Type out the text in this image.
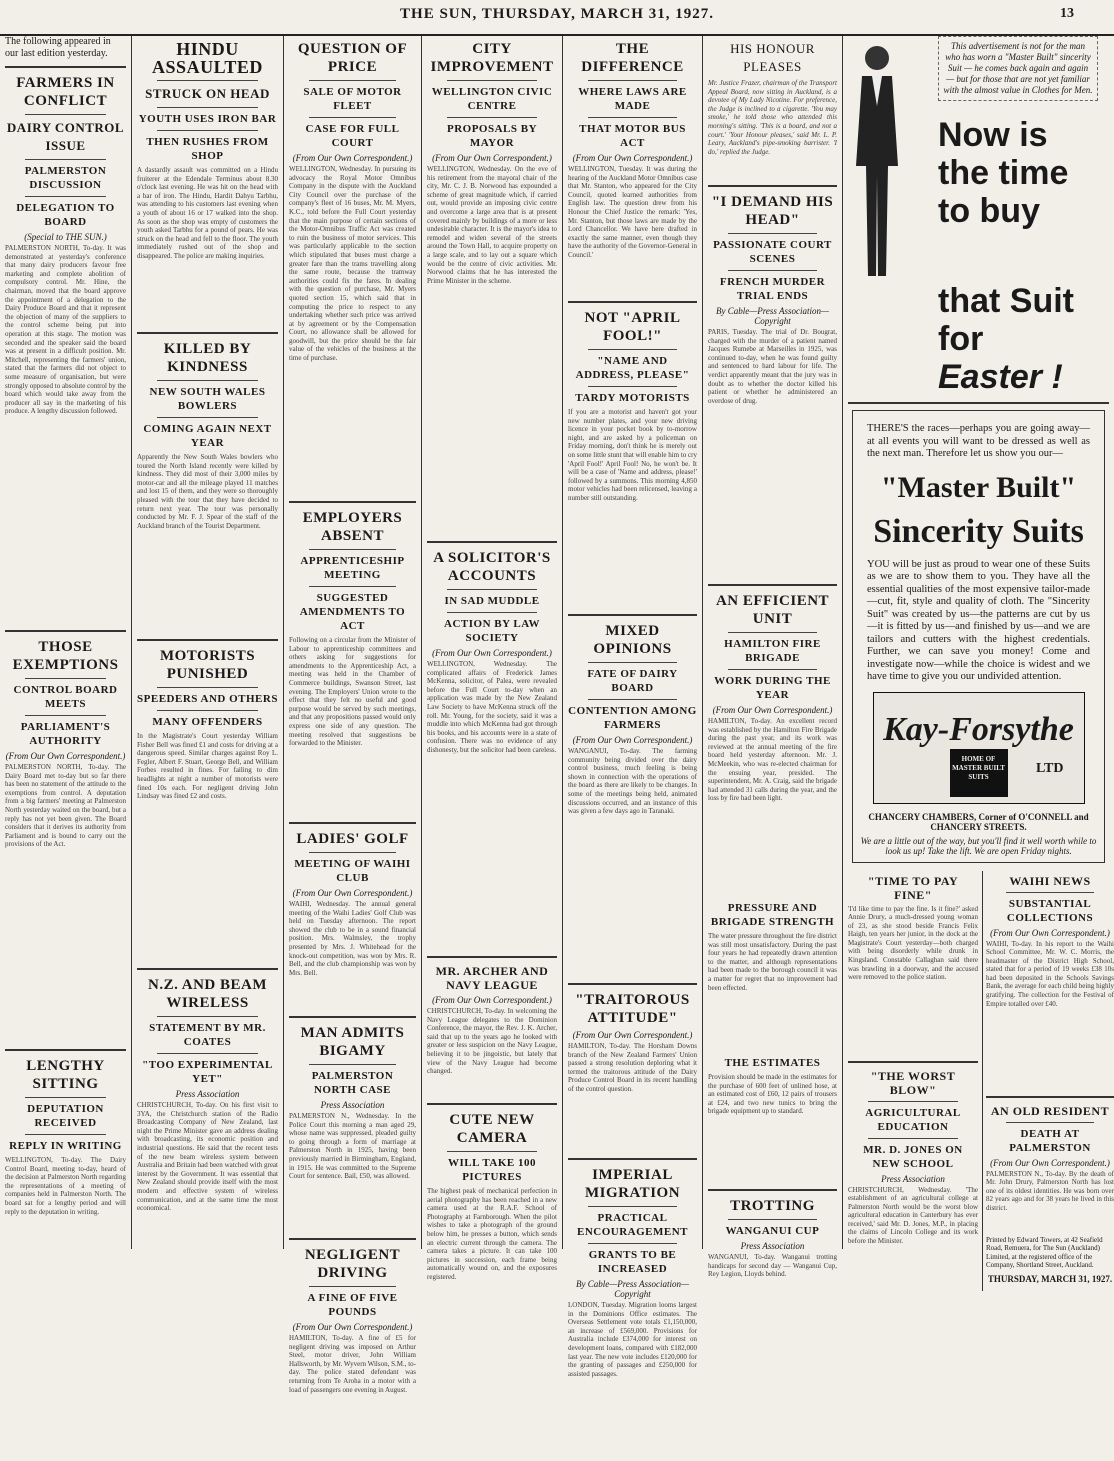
THE SUN, THURSDAY, MARCH 31, 1927.	13
The following appeared in our last edition yesterday.
FARMERS IN CONFLICT
DAIRY CONTROL ISSUE
PALMERSTON DISCUSSION
DELEGATION TO BOARD
(Special to THE SUN.)
PALMERSTON NORTH, To-day. It was demonstrated at yesterday's conference that many dairy producers favour free marketing and complete abolition of compulsory control. Mr. Hine, the chairman, moved that the board approve the appointment of a delegation to the Dairy Produce Board and that it represent the objection of many of the suppliers to the control scheme being put into operation at this stage. The motion was seconded and the speaker said the board was at present in a difficult position. Mr. Mitchell, representing the farmers' union, stated that the farmers did not object to some measure of organisation, but were strongly opposed to absolute control by the board which would take away from the producer all say in the marketing of his produce. A lengthy discussion followed.
THOSE EXEMPTIONS
CONTROL BOARD MEETS
PARLIAMENT'S AUTHORITY
(From Our Own Correspondent.)
PALMERSTON NORTH, To-day. The Dairy Board met to-day but so far there has been no statement of the attitude to the exemptions from control. A deputation from a big farmers' meeting at Palmerston North yesterday waited on the board, but a reply has not yet been given. The Board considers that it derives its authority from Parliament and is bound to carry out the provisions of the Act.
LENGTHY SITTING
DEPUTATION RECEIVED
REPLY IN WRITING
WELLINGTON, To-day. The Dairy Control Board, meeting to-day, heard of the decision at Palmerston North regarding the representations of a meeting of companies held in Palmerston North. The board sat for a lengthy period and will reply to the deputation in writing.
HINDU ASSAULTED
STRUCK ON HEAD
YOUTH USES IRON BAR
THEN RUSHES FROM SHOP
A dastardly assault was committed on a Hindu fruiterer at the Edendale Terminus about 8.30 o'clock last evening. He was hit on the head with a bar of iron. The Hindu, Hardit Dahyu Tarbhu, was attending to his customers last evening when a youth of about 16 or 17 walked into the shop. As soon as the shop was empty of customers the youth asked Tarbhu for a pound of pears. He was struck on the head and fell to the floor. The youth immediately rushed out of the shop and disappeared. The police are making inquiries.
KILLED BY KINDNESS
NEW SOUTH WALES BOWLERS
COMING AGAIN NEXT YEAR
Apparently the New South Wales bowlers who toured the North Island recently were killed by kindness. They did most of their 3,000 miles by motor-car and all the mileage played 11 matches and lost 15 of them, and they were so thoroughly pleased with the tour that they have decided to return next year. The tour was personally conducted by Mr. F. J. Spear of the staff of the Auckland branch of the Tourist Department.
MOTORISTS PUNISHED
SPEEDERS AND OTHERS
MANY OFFENDERS
In the Magistrate's Court yesterday William Fisher Bell was fined £1 and costs for driving at a dangerous speed. Similar charges against Roy L. Fegler, Albert F. Stuart, George Bell, and William Forbes resulted in fines. For failing to dim headlights at night a number of motorists were fined 10s each. For negligent driving John Lindsay was fined £2 and costs.
N.Z. AND BEAM WIRELESS
STATEMENT BY MR. COATES
"TOO EXPERIMENTAL YET"
Press Association
CHRISTCHURCH, To-day. On his first visit to 3YA, the Christchurch station of the Radio Broadcasting Company of New Zealand, last night the Prime Minister gave an address dealing with broadcasting, its economic position and industrial questions. He said that the recent tests of the new beam wireless system between Australia and Britain had been watched with great interest by the Government. It was essential that New Zealand should provide itself with the most modern and effective system of wireless communication, and at the same time the most economical.
QUESTION OF PRICE
SALE OF MOTOR FLEET
CASE FOR FULL COURT
(From Our Own Correspondent.)
WELLINGTON, Wednesday. In pursuing its advocacy the Royal Motor Omnibus Company in the dispute with the Auckland City Council over the purchase of the company's fleet of 16 buses, Mr. M. Myers, K.C., told before the Full Court yesterday that the main purpose of certain sections of the Motor-Omnibus Traffic Act was created to ruin the business of motor services. This was particularly applicable to the section which stipulated that buses must charge a greater fare than the trams travelling along the same route, because the tramway authorities could fix the fares. In dealing with the question of purchase, Mr. Myers quoted section 15, which said that in computing the price to respect to any undertaking whether such price was arrived at by agreement or by the Compensation Court, no allowance shall be allowed for goodwill, but the price should be the fair value of the vehicles of the business at the time of purchase.
EMPLOYERS ABSENT
APPRENTICESHIP MEETING
SUGGESTED AMENDMENTS TO ACT
Following on a circular from the Minister of Labour to apprenticeship committees and others asking for suggestions for amendments to the Apprenticeship Act, a meeting was held in the Chamber of Commerce buildings, Swanson Street, last evening. The Employers' Union wrote to the effect that they felt no useful and good purpose would be served by such meetings, and that any propositions passed would only express one side of any question. The meeting resolved that suggestions be forwarded to the Minister.
LADIES' GOLF
MEETING OF WAIHI CLUB
(From Our Own Correspondent.)
WAIHI, Wednesday. The annual general meeting of the Waihi Ladies' Golf Club was held on Tuesday afternoon. The report showed the club to be in a sound financial position. Mrs. Walmsley, the trophy presented by Mrs. J. Whitehead for the knock-out competition, was won by Mrs. R. Bell, and the club championship was won by Mrs. Bell.
MAN ADMITS BIGAMY
PALMERSTON NORTH CASE
Press Association
PALMERSTON N., Wednesday. In the Police Court this morning a man aged 29, whose name was suppressed, pleaded guilty to going through a form of marriage at Palmerston North in 1925, having been previously married in Birmingham, England, in 1915. He was committed to the Supreme Court for sentence. Bail, £50, was allowed.
NEGLIGENT DRIVING
A FINE OF FIVE POUNDS
(From Our Own Correspondent.)
HAMILTON, To-day. A fine of £5 for negligent driving was imposed on Arthur Steel, motor driver, John William Hallsworth, by Mr. Wyvern Wilson, S.M., to-day. The police stated defendant was returning from Te Aroha in a motor with a load of passengers one evening in August.
CITY IMPROVEMENT
WELLINGTON CIVIC CENTRE
PROPOSALS BY MAYOR
(From Our Own Correspondent.)
WELLINGTON, Wednesday. On the eve of his retirement from the mayoral chair of the city, Mr. C. J. B. Norwood has expounded a scheme of great magnitude which, if carried out, would provide an imposing civic centre and overcome a large area that is at present covered mainly by buildings of a more or less undesirable character. It is the mayor's idea to remodel and widen several of the streets around the Town Hall, to acquire property on a large scale, and to lay out a square which would be the centre of civic activities. Mr. Norwood claims that he has interested the Prime Minister in the scheme.
A SOLICITOR'S ACCOUNTS
IN SAD MUDDLE
ACTION BY LAW SOCIETY
(From Our Own Correspondent.)
WELLINGTON, Wednesday. The complicated affairs of Frederick James McKenna, solicitor, of Palea, were revealed before the Full Court to-day when an application was made by the New Zealand Law Society to have McKenna struck off the roll. Mr. Young, for the society, said it was a muddle into which McKenna had got through his books, and his accounts were in a state of confusion. There was no evidence of any dishonesty, but the solicitor had been careless.
MR. ARCHER AND NAVY LEAGUE
(From Our Own Correspondent.)
CHRISTCHURCH, To-day. In welcoming the Navy League delegates to the Dominion Conference, the mayor, the Rev. J. K. Archer, said that up to the years ago he looked with greater or less suspicion on the Navy League, believing it to be jingoistic, but lately that view of the Navy League had become changed.
CUTE NEW CAMERA
WILL TAKE 100 PICTURES
The highest peak of mechanical perfection in aerial photography has been reached in a new camera used at the R.A.F. School of Photography at Farnborough. When the pilot wishes to take a photograph of the ground below him, he presses a button, which sends an electric current through the camera. The camera takes a picture. It can take 100 pictures in succession, each frame being automatically wound on, and the exposures registered.
THE DIFFERENCE
WHERE LAWS ARE MADE
THAT MOTOR BUS ACT
(From Our Own Correspondent.)
WELLINGTON, Tuesday. It was during the hearing of the Auckland Motor Omnibus case that Mr. Stanton, who appeared for the City Council, quoted learned authorities from English law. The question drew from his Honour the Chief Justice the remark: 'Yes, Mr. Stanton, but those laws are made by the Lord Chancellor. We have here drafted in exactly the same manner, even though they have the authority of the Governor-General in Council.'
NOT "APRIL FOOL!"
"NAME AND ADDRESS, PLEASE"
TARDY MOTORISTS
If you are a motorist and haven't got your new number plates, and your new driving licence in your pocket book by to-morrow night, and are asked by a policeman on Friday morning, don't think he is merely out on some little stunt that will enable him to cry 'April Fool!' April Fool! No, he won't be. It will be a case of 'Name and address, please!' followed by a summons. This morning 4,850 motor vehicles had been relicensed, leaving a number still outstanding.
MIXED OPINIONS
FATE OF DAIRY BOARD
CONTENTION AMONG FARMERS
(From Our Own Correspondent.)
WANGANUI, To-day. The farming community being divided over the dairy control business, much feeling is being shown in connection with the operations of the board as there are likely to be changes. In some of the meetings being held, animated discussions occurred, and an instance of this was given a few days ago in Taranaki.
"TRAITOROUS ATTITUDE"
(From Our Own Correspondent.)
HAMILTON, To-day. The Horsham Downs branch of the New Zealand Farmers' Union passed a strong resolution deploring what it termed the traitorous attitude of the Dairy Produce Control Board in its recent handling of the control question.
IMPERIAL MIGRATION
PRACTICAL ENCOURAGEMENT
GRANTS TO BE INCREASED
By Cable—Press Association—Copyright
LONDON, Tuesday. Migration looms largest in the Dominions Office estimates. The Overseas Settlement vote totals £1,150,000, an increase of £569,000. Provisions for Australia include £374,000 for interest on development loans, compared with £182,000 last year. The new vote includes £120,000 for the granting of passages and £250,000 for assisted passages.
HIS HONOUR PLEASES
Mr. Justice Frazer, chairman of the Transport Appeal Board, now sitting in Auckland, is a devotee of My Lady Nicotine. For preference, the Judge is inclined to a cigarette. 'You may smoke,' he told those who attended this morning's sitting. 'This is a board, and not a court.' 'Your Honour pleases,' said Mr. L. P. Leary, Auckland's pipe-smoking barrister. 'I do,' replied the Judge.
"I DEMAND HIS HEAD"
PASSIONATE COURT SCENES
FRENCH MURDER TRIAL ENDS
By Cable—Press Association—Copyright
PARIS, Tuesday. The trial of Dr. Bougrat, charged with the murder of a patient named Jacques Rumebe at Marseilles in 1925, was continued to-day, when he was found guilty and sentenced to hard labour for life. The verdict apparently meant that the jury was in doubt as to whether the doctor killed his patient or whether he administered an overdose of drug.
AN EFFICIENT UNIT
HAMILTON FIRE BRIGADE
WORK DURING THE YEAR
(From Our Own Correspondent.)
HAMILTON, To-day. An excellent record was established by the Hamilton Fire Brigade during the past year, and its work was reviewed at the annual meeting of the fire board held yesterday afternoon. Mr. J. McMeekin, who was re-elected chairman for the ensuing year, presided. The superintendent, Mr. A. Craig, said the brigade had attended 31 calls during the year, and the loss by fire had been light.
PRESSURE AND BRIGADE STRENGTH
The water pressure throughout the fire district was still most unsatisfactory. During the past four years he had repeatedly drawn attention to the matter, and although representations had been made to the borough council it was a matter for regret that no improvement had been effected.
THE ESTIMATES
Provision should be made in the estimates for the purchase of 600 feet of unlined hose, at an estimated cost of £60, 12 pairs of trousers at £24, and two new tunics to bring the brigade equipment up to standard.
TROTTING
WANGANUI CUP
Press Association
WANGANUI, To-day. Wanganui trotting handicaps for second day — Wanganui Cup, Rey Legion, Lloyds behind.
This advertisement is not for the man who has worn a "Master Built" sincerity Suit — he comes back again and again — but for those that are not yet familiar with the almost value in Clothes for Men.
Now is
the time
to buy
that Suit
for
Easter !
THERE'S the races—perhaps you are going away—at all events you will want to be dressed as well as the next man. Therefore let us show you our—
"Master Built"
Sincerity Suits
YOU will be just as proud to wear one of these Suits as we are to show them to you. They have all the essential qualities of the most expensive tailor-made—cut, fit, style and quality of cloth. The "Sincerity Suit" was created by us—the patterns are cut by us—it is fitted by us—and finished by us—and we are tailors and cutters with the highest credentials. Further, we can save you money! Come and investigate now—while the choice is widest and we have time to give you our undivided attention.
Kay-Forsythe
HOME OF MASTER BUILT SUITS
LTD
CHANCERY CHAMBERS, Corner of O'CONNELL and CHANCERY STREETS.
We are a little out of the way, but you'll find it well worth while to look us up! Take the lift. We are open Friday nights.
"TIME TO PAY FINE"
'I'd like time to pay the fine. Is it fine?' asked Annie Drury, a much-dressed young woman of 23, as she stood beside Francis Felix Haigh, ten years her junior, in the dock at the Magistrate's Court yesterday—both charged with being disorderly while drunk in Kingsland. Constable Callaghan said there was brawling in a doorway, and the accused were removed to the police station.
"THE WORST BLOW"
AGRICULTURAL EDUCATION
MR. D. JONES ON NEW SCHOOL
Press Association
CHRISTCHURCH, Wednesday. 'The establishment of an agricultural college at Palmerston North would be the worst blow agricultural education in Canterbury has ever received,' said Mr. D. Jones, M.P., in placing the claims of Lincoln College and its work before the Minister.
WAIHI NEWS
SUBSTANTIAL COLLECTIONS
(From Our Own Correspondent.)
WAIHI, To-day. In his report to the Waihi School Committee, Mr. W. C. Morris, the headmaster of the District High School, stated that for a period of 19 weeks £38 10s had been deposited in the Schools Savings Bank, the average for each child being highly gratifying. The collection for the Festival of Empire totalled over £40.
AN OLD RESIDENT
DEATH AT PALMERSTON
(From Our Own Correspondent.)
PALMERSTON N., To-day. By the death of Mr. John Drury, Palmerston North has lost one of its oldest identities. He was born over 82 years ago and for 38 years he lived in this district.
Printed by Edward Towers, at 42 Seafield Road, Remuera, for The Sun (Auckland) Limited, at the registered office of the Company, Shortland Street, Auckland.
THURSDAY, MARCH 31, 1927.
